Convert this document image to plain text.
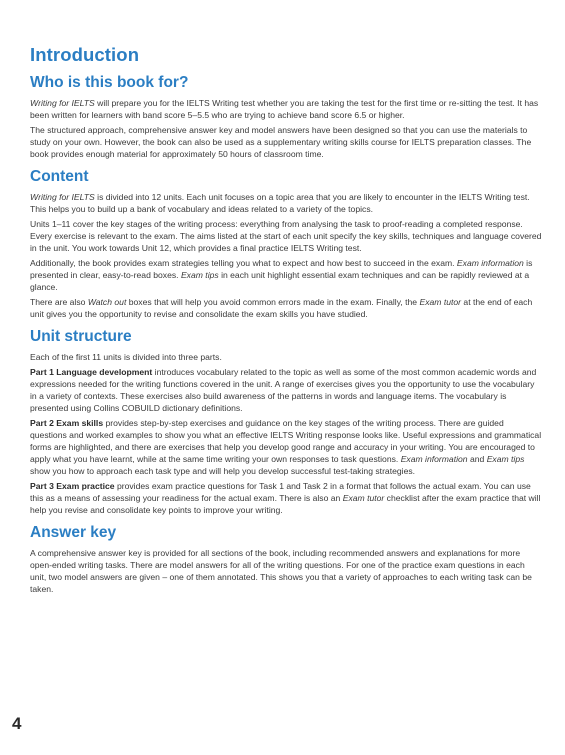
Introduction
Who is this book for?

Writing for IELTS will prepare you for the IELTS Writing test whether you are taking the test for the first time or re-sitting the test. It has been written for learners with band score 5–5.5 who are trying to achieve band score 6.5 or higher.

The structured approach, comprehensive answer key and model answers have been designed so that you can use the materials to study on your own. However, the book can also be used as a supplementary writing skills course for IELTS preparation classes. The book provides enough material for approximately 50 hours of classroom time.

Content

Writing for IELTS is divided into 12 units. Each unit focuses on a topic area that you are likely to encounter in the IELTS Writing test. This helps you to build up a bank of vocabulary and ideas related to a variety of the topics.

Units 1–11 cover the key stages of the writing process: everything from analysing the task to proof-reading a completed response. Every exercise is relevant to the exam. The aims listed at the start of each unit specify the key skills, techniques and language covered in the unit. You work towards Unit 12, which provides a final practice IELTS Writing test.

Additionally, the book provides exam strategies telling you what to expect and how best to succeed in the exam. Exam information is presented in clear, easy-to-read boxes. Exam tips in each unit highlight essential exam techniques and can be rapidly reviewed at a glance.

There are also Watch out boxes that will help you avoid common errors made in the exam. Finally, the Exam tutor at the end of each unit gives you the opportunity to revise and consolidate the exam skills you have studied.

Unit structure

Each of the first 11 units is divided into three parts.

Part 1 Language development introduces vocabulary related to the topic as well as some of the most common academic words and expressions needed for the writing functions covered in the unit. A range of exercises gives you the opportunity to use the vocabulary in a variety of contexts. These exercises also build awareness of the patterns in words and language items. The vocabulary is presented using Collins COBUILD dictionary definitions.

Part 2 Exam skills provides step-by-step exercises and guidance on the key stages of the writing process. There are guided questions and worked examples to show you what an effective IELTS Writing response looks like. Useful expressions and grammatical forms are highlighted, and there are exercises that help you develop good range and accuracy in your writing. You are encouraged to apply what you have learnt, while at the same time writing your own responses to task questions. Exam information and Exam tips show you how to approach each task type and will help you develop successful test-taking strategies.

Part 3 Exam practice provides exam practice questions for Task 1 and Task 2 in a format that follows the actual exam. You can use this as a means of assessing your readiness for the actual exam. There is also an Exam tutor checklist after the exam practice that will help you revise and consolidate key points to improve your writing.

Answer key

A comprehensive answer key is provided for all sections of the book, including recommended answers and explanations for more open-ended writing tasks. There are model answers for all of the writing questions. For one of the practice exam questions in each unit, two model answers are given – one of them annotated. This shows you that a variety of approaches to each writing task can be taken.

4
